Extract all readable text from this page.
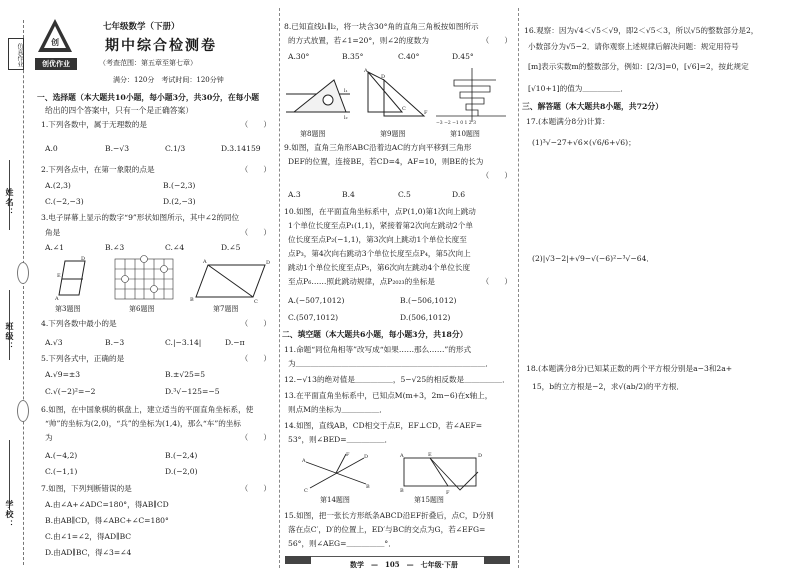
仿真作业
姓名：
班级：
学校：
创
创优作业
七年级数学（下册）
期中综合检测卷
（考查范围：第五章至第七章）
满分：120分　考试时间：120分钟
一、选择题（本大题共10小题，每小题3分，共30分，在每小题
给出的四个答案中，只有一个是正确答案）
1.下列各数中，属于无理数的是	（　　）
A.0	B.−√3	C.1/3	D.3.14159
2.下列各点中，在第一象限的点是	（　　）
A.(2,3)	B.(−2,3)
C.(−2,−3)	D.(2,−3)
3.电子屏幕上显示的数字“9”形状如图所示，其中∠2的同位
角是	（　　）
A.∠1	B.∠3	C.∠4	D.∠5
A
D
E
A	D
B	C
第3题图	第6题图	第7题图
4.下列各数中最小的是	（　　）
A.√3	B.−3	C.|−3.14|	D.−π
5.下列各式中，正确的是	（　　）
A.√9=±3	B.±√25=5
C.√(−2)²=−2	D.³√−125=−5
6.如图，在中国象棋的棋盘上，建立适当的平面直角坐标系，使
“帅”的坐标为(2,0)，“兵”的坐标为(1,4)，那么“车”的坐标
为	（　　）
A.(−4,2)	B.(−2,4)
C.(−1,1)	D.(−2,0)
7.如图，下列判断错误的是	（　　）
A.由∠A+∠ADC=180°，得AB∥CD
B.由AB∥CD，得∠ABC+∠C=180°
C.由∠1=∠2，得AD∥BC
D.由AD∥BC，得∠3=∠4
8.已知直线l₁∥l₂，将一块含30°角的直角三角板按如图所示
的方式放置，若∠1=20°，则∠2的度数为	（　　）
A.30°	B.35°	C.40°	D.45°
l₁
l₂
A
D
C
F
−3 −2 −1 0 1 2 3
第8题图	第9题图	第10题图
9.如图，直角三角形ABC沿着边AC的方向平移到三角形
DEF的位置，连接BE，若CD=4，AF=10，则BE的长为
（　　）

A.3	B.4	C.5	D.6
10.如图，在平面直角坐标系中，点P(1,0)第1次向上跳动
1个单位长度至点P₁(1,1)，紧接着第2次向左跳动2个单
位长度至点P₂(−1,1)，第3次向上跳动1个单位长度至
点P₃，第4次向右跳动3个单位长度至点P₄，第5次向上
跳动1个单位长度至点P₅，第6次向左跳动4个单位长度
至点P₆……照此跳动规律，点P₂₀₂₃的坐标是	（　　）
A.(−507,1012)	B.(−506,1012)
C.(507,1012)	D.(506,1012)
二、填空题（本大题共6小题，每小题3分，共18分）
11.命题“同位角相等”改写成“如果……那么……”的形式
为＿＿＿＿＿＿＿＿＿＿＿＿＿＿＿＿＿＿＿＿＿＿＿＿＿．
12.−√13的绝对值是＿＿＿＿＿，5−√25的相反数是＿＿＿＿＿．
13.在平面直角坐标系中，已知点M(m+3，2m−6)在x轴上，
则点M的坐标为＿＿＿＿＿．
14.如图，直线AB，CD相交于点E，EF⊥CD，若∠AEF=
53°，则∠BED=＿＿＿＿＿．
A
D
F
C
B
A	E	D
B	F
第14题图	第15题图
15.如图，把一张长方形纸条ABCD沿EF折叠后，点C，D分别
落在点C′，D′的位置上，ED′与BC的交点为G，若∠EFG=
56°，则∠AEG=＿＿＿＿＿°．
16.观察：因为√4＜√5＜√9，即2＜√5＜3，所以√5的整数部分是2，
小数部分为√5−2．请你观察上述规律后解决问题：规定用符号
[m]表示实数m的整数部分，例如：[2/3]=0，[√6]=2，按此规定
[√10+1]的值为＿＿＿＿＿．
三、解答题（本大题共8小题，共72分）
17.(本题满分8分)计算：
(1)³√−27+√6×(√6/6+√6)；
(2)|√3−2|+√9−√(−6)²−³√−64．
18.(本题满分8分)已知某正数的两个平方根分别是a−3和2a+
15，b的立方根是−2，求√(ab/2)的平方根．
数学　—　105　—　七年级·下册
